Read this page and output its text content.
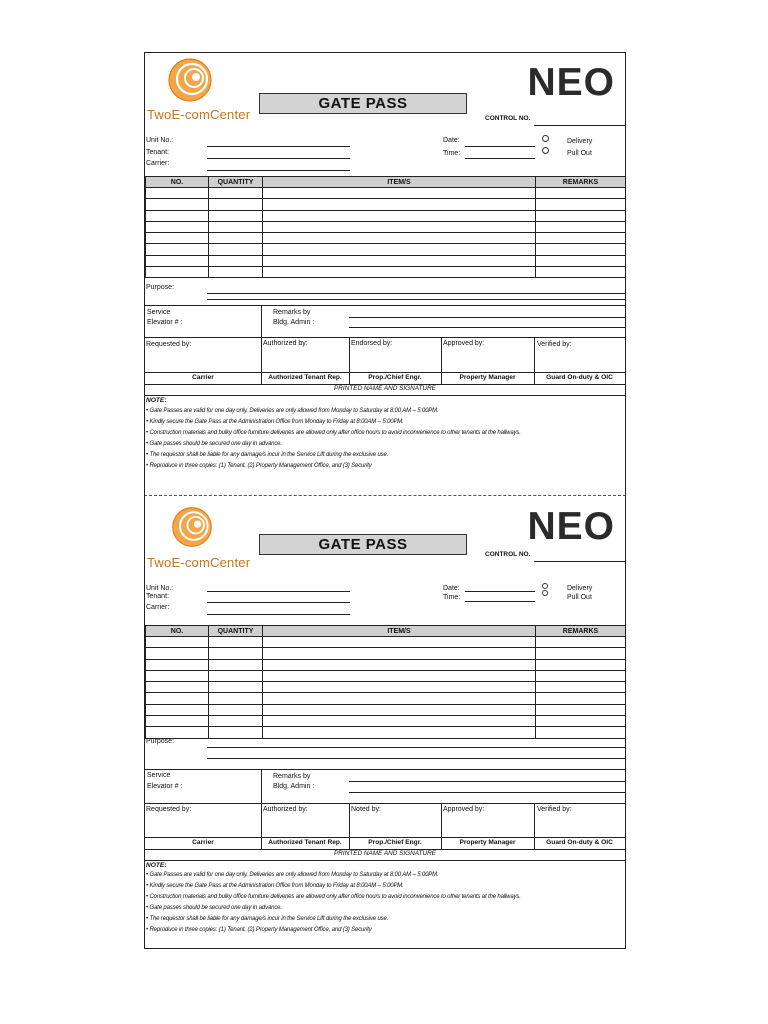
TwoE-comCenter
GATE PASS	NEO
CONTROL NO.
Unit No.:
Tenant:
Carrier:
Date:
Time:
Delivery
Pull Out
NO.	QUANTITY	ITEM/S	REMARKS

Purpose:
Service
Elevator # :
Remarks by
Bldg. Admin :
Requested by:	Authorized by:	Endorsed by:	Approved by:	Verified by:
Carrier	Authorized Tenant Rep.	Prop./Chief Engr.	Property Manager	Guard On-duty & OIC
PRINTED NAME AND SIGNATURE
NOTE:
• Gate Passes are valid for one day only. Deliveries are only allowed from Monday to Saturday at 8:00 AM – 5:00PM.
• Kindly secure the Gate Pass at the Administration Office from Monday to Friday at 8:00AM – 5:00PM.
• Construction materials and bulky office furniture deliveries are allowed only after office hours to avoid inconvenience to other tenants at the hallways.
• Gate passes should be secured one day in advance.
• The requestor shall be liable for any damage/s incur in the Service Lift during the exclusive use.
• Reproduce in three copies: (1) Tenant, (2) Property Management Office, and (3) Security
TwoE-comCenter
GATE PASS	NEO
CONTROL NO.
Unit No.:
Tenant:
Carrier:
Date:
Time:
Delivery
Pull Out
NO.	QUANTITY	ITEM/S	REMARKS

Purpose:
Service
Elevator # :
Remarks by
Bldg. Admin :
Requested by:	Authorized by:	Noted by:	Approved by:	Verified by:
Carrier	Authorized Tenant Rep.	Prop./Chief Engr.	Property Manager	Guard On-duty & OIC
PRINTED NAME AND SIGNATURE
NOTE:
• Gate Passes are valid for one day only. Deliveries are only allowed from Monday to Saturday at 8:00 AM – 5:00PM.
• Kindly secure the Gate Pass at the Administration Office from Monday to Friday at 8:00AM – 5:00PM.
• Construction materials and bulky office furniture deliveries are allowed only after office hours to avoid inconvenience to other tenants at the hallways.
• Gate passes should be secured one day in advance.
• The requestor shall be liable for any damage/s incur in the Service Lift during the exclusive use.
• Reproduce in three copies: (1) Tenant, (2) Property Management Office, and (3) Security
